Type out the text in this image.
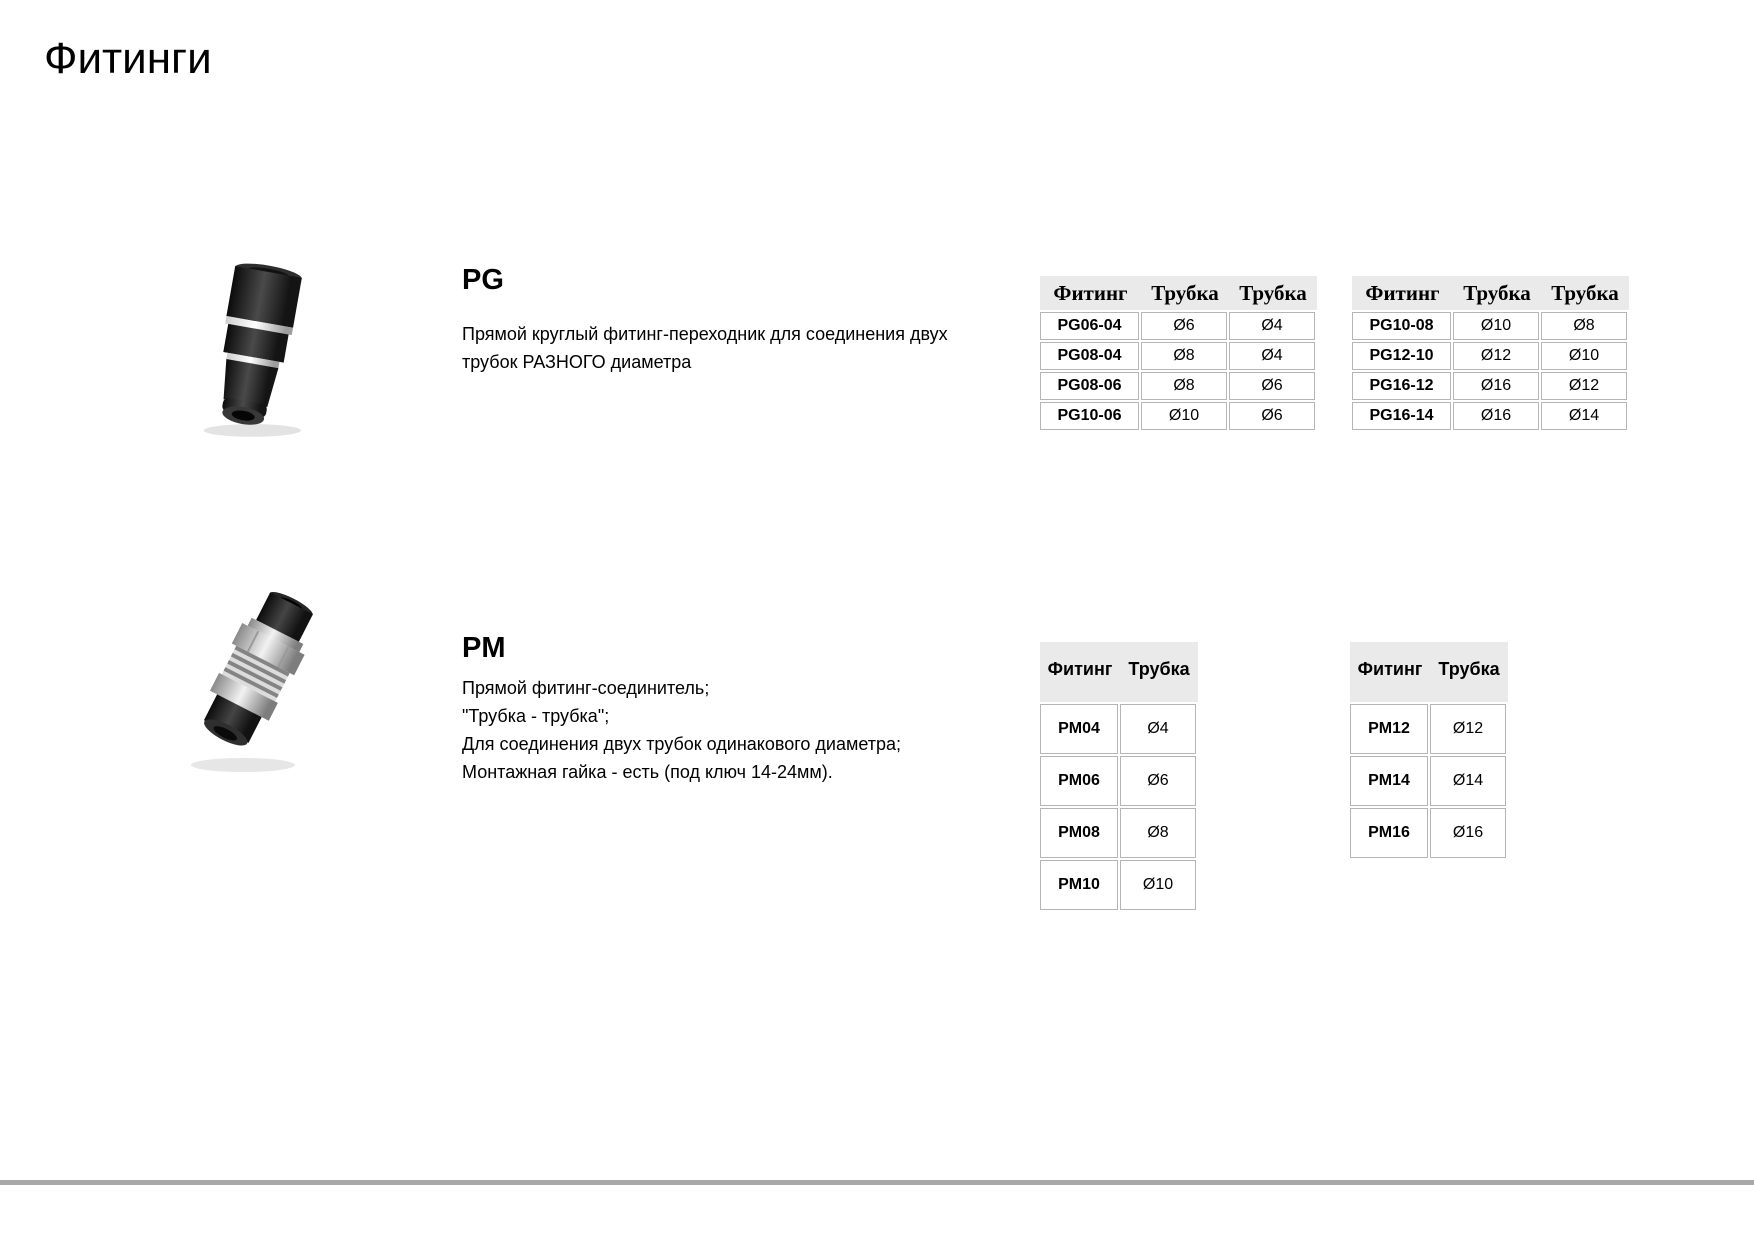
Фитинги
PG

Прямой круглый фитинг-переходник для соединения двух
трубок РАЗНОГО диаметра

Фитинг	Трубка Трубка
PG06-04	Ø6	Ø4
PG08-04	Ø8	Ø4
PG08-06	Ø8	Ø6
PG10-06	Ø10	Ø6
Фитинг	Трубка Трубка
PG10-08	Ø10	Ø8
PG12-10	Ø12	Ø10
PG16-12	Ø16	Ø12
PG16-14	Ø16	Ø14
PM

Прямой фитинг-соединитель;
"Трубка - трубка";
Для соединения двух трубок одинакового диаметра;
Монтажная гайка - есть (под ключ 14-24мм).

Фитинг Трубка
PM04	Ø4
PM06	Ø6
PM08	Ø8
PM10	Ø10
Фитинг Трубка
PM12	Ø12
PM14	Ø14
PM16	Ø16
